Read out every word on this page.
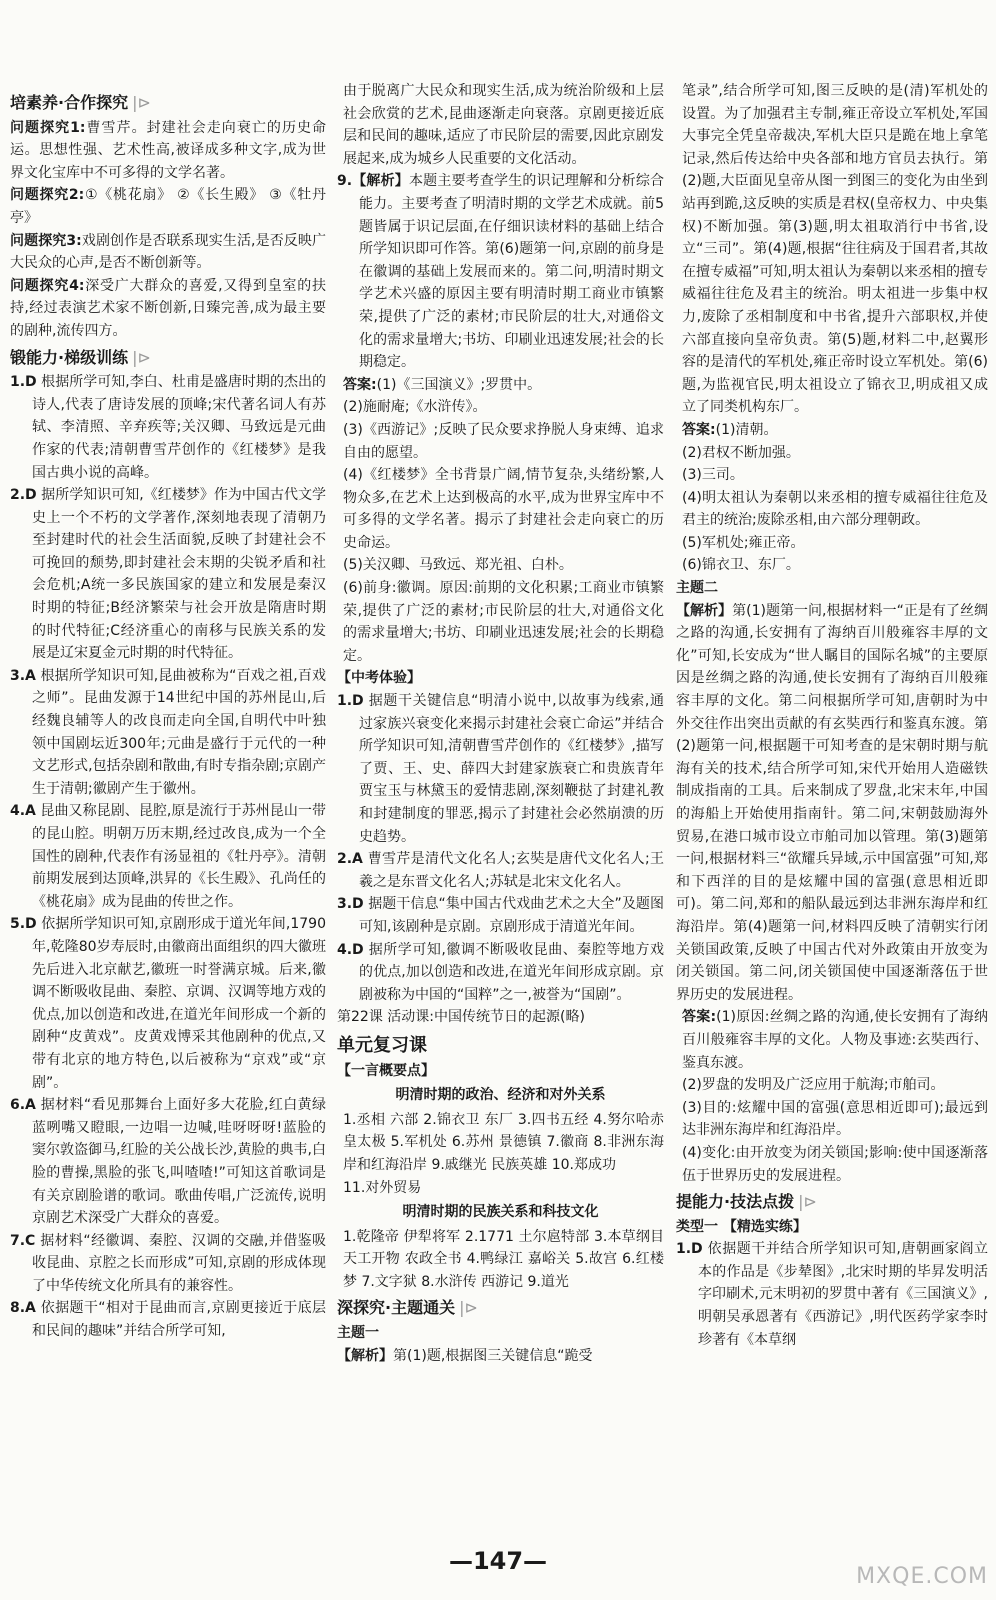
培素养·合作探究 |⊳

问题探究1:曹雪芹。封建社会走向衰亡的历史命运。思想性强、艺术性高,被译成多种文字,成为世界文化宝库中不可多得的文学名著。

问题探究2:①《桃花扇》 ②《长生殿》 ③《牡丹亭》

问题探究3:戏剧创作是否联系现实生活,是否反映广大民众的心声,是否不断创新等。

问题探究4:深受广大群众的喜爱,又得到皇室的扶持,经过表演艺术家不断创新,日臻完善,成为最主要的剧种,流传四方。

锻能力·梯级训练 |⊳

1.D 根据所学可知,李白、杜甫是盛唐时期的杰出的诗人,代表了唐诗发展的顶峰;宋代著名词人有苏轼、李清照、辛弃疾等;关汉卿、马致远是元曲作家的代表;清朝曹雪芹创作的《红楼梦》是我国古典小说的高峰。

2.D 据所学知识可知,《红楼梦》作为中国古代文学史上一个不朽的文学著作,深刻地表现了清朝乃至封建时代的社会生活面貌,反映了封建社会不可挽回的颓势,即封建社会末期的尖锐矛盾和社会危机;A统一多民族国家的建立和发展是秦汉时期的特征;B经济繁荣与社会开放是隋唐时期的时代特征;C经济重心的南移与民族关系的发展是辽宋夏金元时期的时代特征。

3.A 根据所学知识可知,昆曲被称为“百戏之祖,百戏之师”。昆曲发源于14世纪中国的苏州昆山,后经魏良辅等人的改良而走向全国,自明代中叶独领中国剧坛近300年;元曲是盛行于元代的一种文艺形式,包括杂剧和散曲,有时专指杂剧;京剧产生于清朝;徽剧产生于徽州。

4.A 昆曲又称昆剧、昆腔,原是流行于苏州昆山一带的昆山腔。明朝万历末期,经过改良,成为一个全国性的剧种,代表作有汤显祖的《牡丹亭》。清朝前期发展到达顶峰,洪昇的《长生殿》、孔尚任的《桃花扇》成为昆曲的传世之作。

5.D 依据所学知识可知,京剧形成于道光年间,1790年,乾隆80岁寿辰时,由徽商出面组织的四大徽班先后进入北京献艺,徽班一时誉满京城。后来,徽调不断吸收昆曲、秦腔、京调、汉调等地方戏的优点,加以创造和改进,在道光年间形成一个新的剧种“皮黄戏”。皮黄戏博采其他剧种的优点,又带有北京的地方特色,以后被称为“京戏”或“京剧”。

6.A 据材料“看见那舞台上面好多大花脸,红白黄绿蓝咧嘴又瞪眼,一边唱一边喊,哇呀呀呀!蓝脸的窦尔敦盗御马,红脸的关公战长沙,黄脸的典韦,白脸的曹操,黑脸的张飞,叫喳喳!”可知这首歌词是有关京剧脸谱的歌词。歌曲传唱,广泛流传,说明京剧艺术深受广大群众的喜爱。

7.C 据材料“经徽调、秦腔、汉调的交融,并借鉴吸收昆曲、京腔之长而形成”可知,京剧的形成体现了中华传统文化所具有的兼容性。

8.A 依据题干“相对于昆曲而言,京剧更接近于底层和民间的趣味”并结合所学可知,

由于脱离广大民众和现实生活,成为统治阶级和上层社会欣赏的艺术,昆曲逐渐走向衰落。京剧更接近底层和民间的趣味,适应了市民阶层的需要,因此京剧发展起来,成为城乡人民重要的文化活动。

9.【解析】本题主要考查学生的识记理解和分析综合能力。主要考查了明清时期的文学艺术成就。前5题皆属于识记层面,在仔细识读材料的基础上结合所学知识即可作答。第(6)题第一问,京剧的前身是在徽调的基础上发展而来的。第二问,明清时期文学艺术兴盛的原因主要有明清时期工商业市镇繁荣,提供了广泛的素材;市民阶层的壮大,对通俗文化的需求量增大;书坊、印刷业迅速发展;社会的长期稳定。

答案:(1)《三国演义》;罗贯中。

(2)施耐庵;《水浒传》。

(3)《西游记》;反映了民众要求挣脱人身束缚、追求自由的愿望。

(4)《红楼梦》全书背景广阔,情节复杂,头绪纷繁,人物众多,在艺术上达到极高的水平,成为世界宝库中不可多得的文学名著。揭示了封建社会走向衰亡的历史命运。

(5)关汉卿、马致远、郑光祖、白朴。

(6)前身:徽调。原因:前期的文化积累;工商业市镇繁荣,提供了广泛的素材;市民阶层的壮大,对通俗文化的需求量增大;书坊、印刷业迅速发展;社会的长期稳定。

【中考体验】

1.D 据题干关键信息“明清小说中,以故事为线索,通过家族兴衰变化来揭示封建社会衰亡命运”并结合所学知识可知,清朝曹雪芹创作的《红楼梦》,描写了贾、王、史、薛四大封建家族衰亡和贵族青年贾宝玉与林黛玉的爱情悲剧,深刻鞭挞了封建礼教和封建制度的罪恶,揭示了封建社会必然崩溃的历史趋势。

2.A 曹雪芹是清代文化名人;玄奘是唐代文化名人;王羲之是东晋文化名人;苏轼是北宋文化名人。

3.D 据题干信息“集中国古代戏曲艺术之大全”及题图可知,该剧种是京剧。京剧形成于清道光年间。

4.D 据所学可知,徽调不断吸收昆曲、秦腔等地方戏的优点,加以创造和改进,在道光年间形成京剧。京剧被称为中国的“国粹”之一,被誉为“国剧”。

第22课 活动课:中国传统节日的起源(略)

单元复习课

【一言概要点】

明清时期的政治、经济和对外关系

1.丞相 六部 2.锦衣卫 东厂 3.四书五经 4.努尔哈赤 皇太极 5.军机处 6.苏州 景德镇 7.徽商 8.非洲东海岸和红海沿岸 9.戚继光 民族英雄 10.郑成功

11.对外贸易

明清时期的民族关系和科技文化

1.乾隆帝 伊犁将军 2.1771 土尔扈特部 3.本草纲目 天工开物 农政全书 4.鸭绿江 嘉峪关 5.故宫 6.红楼梦 7.文字狱 8.水浒传 西游记 9.道光

深探究·主题通关 |⊳

主题一

【解析】第(1)题,根据图三关键信息“跪受

笔录”,结合所学可知,图三反映的是(清)军机处的设置。为了加强君主专制,雍正帝设立军机处,军国大事完全凭皇帝裁决,军机大臣只是跪在地上拿笔记录,然后传达给中央各部和地方官员去执行。第(2)题,大臣面见皇帝从图一到图三的变化为由坐到站再到跪,这反映的实质是君权(皇帝权力、中央集权)不断加强。第(3)题,明太祖取消行中书省,设立“三司”。第(4)题,根据“往往病及于国君者,其故在擅专威福”可知,明太祖认为秦朝以来丞相的擅专威福往往危及君主的统治。明太祖进一步集中权力,废除了丞相制度和中书省,提升六部职权,并使六部直接向皇帝负责。第(5)题,材料二中,赵翼形容的是清代的军机处,雍正帝时设立军机处。第(6)题,为监视官民,明太祖设立了锦衣卫,明成祖又成立了同类机构东厂。

答案:(1)清朝。

(2)君权不断加强。

(3)三司。

(4)明太祖认为秦朝以来丞相的擅专威福往往危及君主的统治;废除丞相,由六部分理朝政。

(5)军机处;雍正帝。

(6)锦衣卫、东厂。

主题二

【解析】第(1)题第一问,根据材料一“正是有了丝绸之路的沟通,长安拥有了海纳百川般雍容丰厚的文化”可知,长安成为“世人瞩目的国际名城”的主要原因是丝绸之路的沟通,使长安拥有了海纳百川般雍容丰厚的文化。第二问根据所学可知,唐朝时为中外交往作出突出贡献的有玄奘西行和鉴真东渡。第(2)题第一问,根据题干可知考查的是宋朝时期与航海有关的技术,结合所学可知,宋代开始用人造磁铁制成指南的工具。后来制成了罗盘,北宋末年,中国的海船上开始使用指南针。第二问,宋朝鼓励海外贸易,在港口城市设立市舶司加以管理。第(3)题第一问,根据材料三“欲耀兵异域,示中国富强”可知,郑和下西洋的目的是炫耀中国的富强(意思相近即可)。第二问,郑和的船队最远到达非洲东海岸和红海沿岸。第(4)题第一问,材料四反映了清朝实行闭关锁国政策,反映了中国古代对外政策由开放变为闭关锁国。第二问,闭关锁国使中国逐渐落伍于世界历史的发展进程。

答案:(1)原因:丝绸之路的沟通,使长安拥有了海纳百川般雍容丰厚的文化。人物及事迹:玄奘西行、鉴真东渡。

(2)罗盘的发明及广泛应用于航海;市舶司。

(3)目的:炫耀中国的富强(意思相近即可);最远到达非洲东海岸和红海沿岸。

(4)变化:由开放变为闭关锁国;影响:使中国逐渐落伍于世界历史的发展进程。

提能力·技法点拨 |⊳

类型一 【精选实练】

1.D 依据题干并结合所学知识可知,唐朝画家阎立本的作品是《步辇图》,北宋时期的毕昇发明活字印刷术,元末明初的罗贯中著有《三国演义》,明朝吴承恩著有《西游记》,明代医药学家李时珍著有《本草纲

—147—
MXQE.COM
